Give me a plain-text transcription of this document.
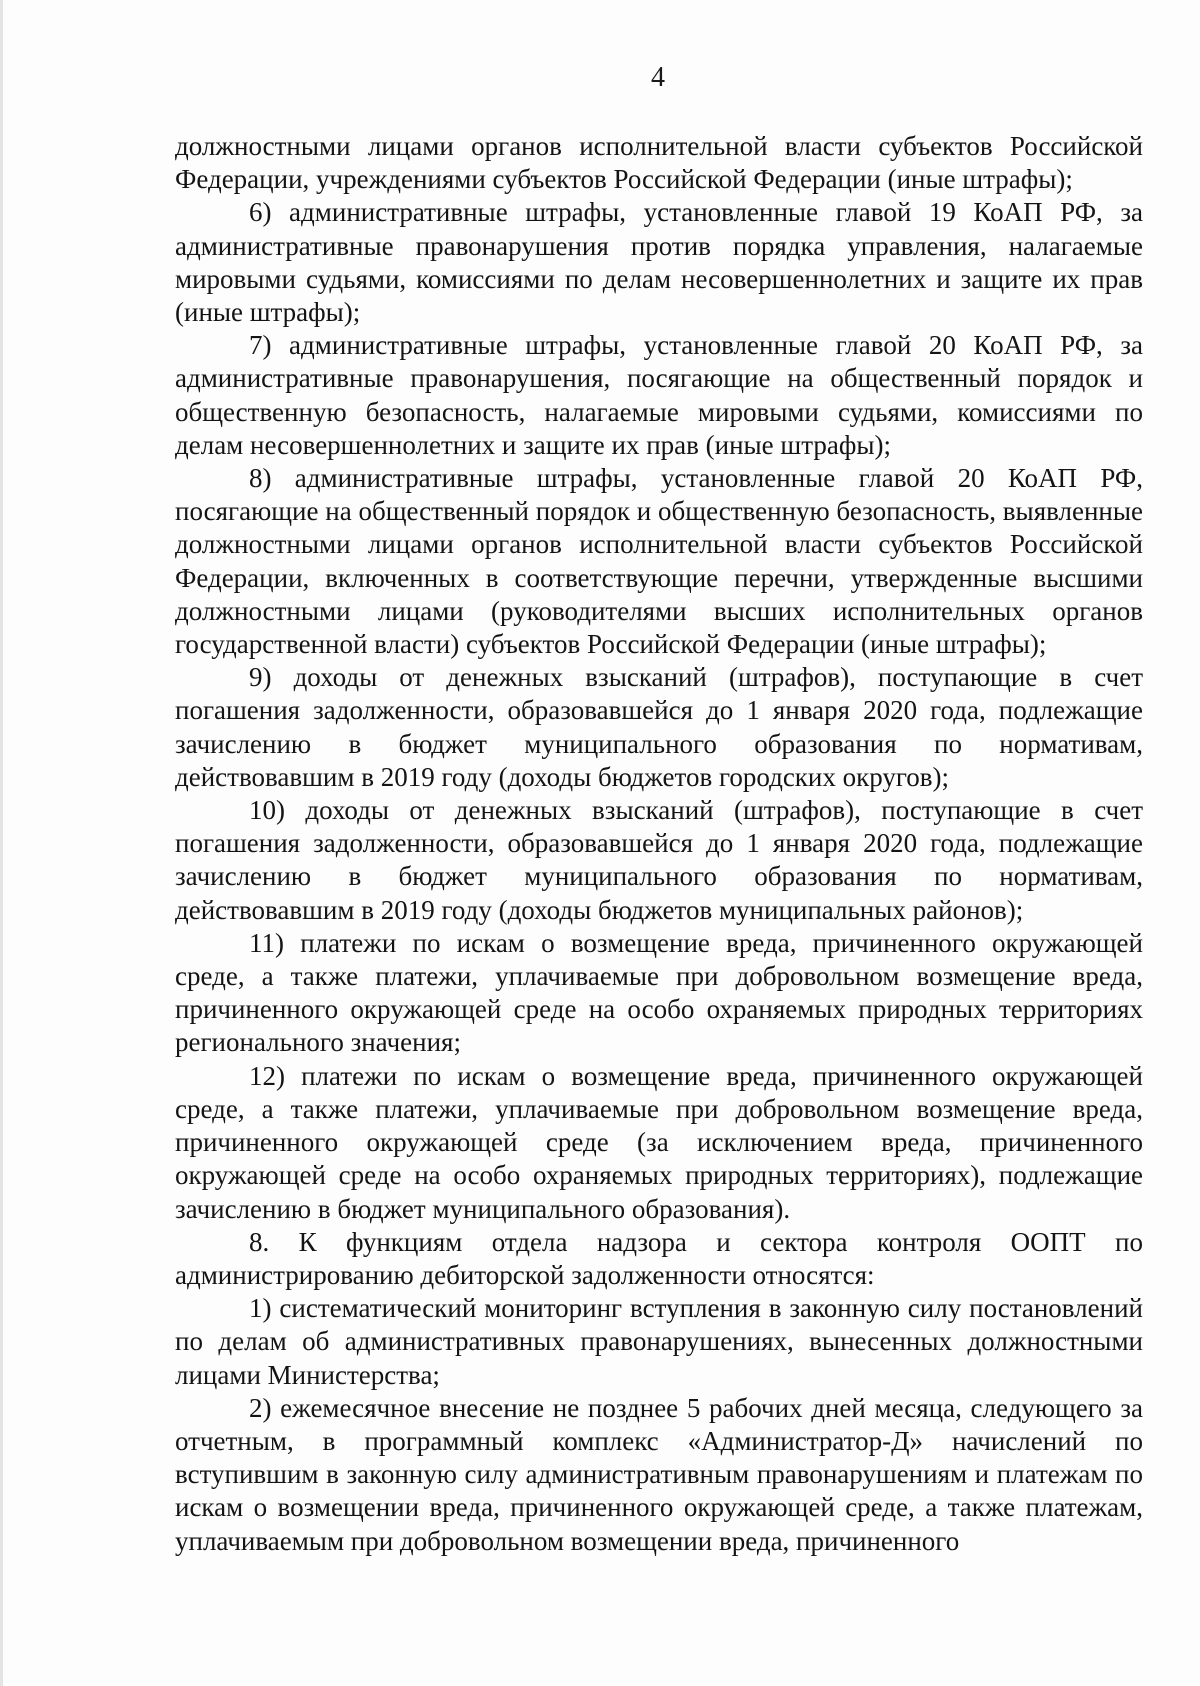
4

должностными лицами органов исполнительной власти субъектов Российской Федерации, учреждениями субъектов Российской Федерации (иные штрафы);

6) административные штрафы, установленные главой 19 КоАП РФ, за административные правонарушения против порядка управления, налагаемые мировыми судьями, комиссиями по делам несовершеннолетних и защите их прав (иные штрафы);

7) административные штрафы, установленные главой 20 КоАП РФ, за административные правонарушения, посягающие на общественный порядок и общественную безопасность, налагаемые мировыми судьями, комиссиями по делам несовершеннолетних и защите их прав (иные штрафы);

8) административные штрафы, установленные главой 20 КоАП РФ, посягающие на общественный порядок и общественную безопасность, выявленные должностными лицами органов исполнительной власти субъектов Российской Федерации, включенных в соответствующие перечни, утвержденные высшими должностными лицами (руководителями высших исполнительных органов государственной власти) субъектов Российской Федерации (иные штрафы);

9) доходы от денежных взысканий (штрафов), поступающие в счет погашения задолженности, образовавшейся до 1 января 2020 года, подлежащие зачислению в бюджет муниципального образования по нормативам, действовавшим в 2019 году (доходы бюджетов городских округов);

10) доходы от денежных взысканий (штрафов), поступающие в счет погашения задолженности, образовавшейся до 1 января 2020 года, подлежащие зачислению в бюджет муниципального образования по нормативам, действовавшим в 2019 году (доходы бюджетов муниципальных районов);

11) платежи по искам о возмещение вреда, причиненного окружающей среде, а также платежи, уплачиваемые при добровольном возмещение вреда, причиненного окружающей среде на особо охраняемых природных территориях регионального значения;

12) платежи по искам о возмещение вреда, причиненного окружающей среде, а также платежи, уплачиваемые при добровольном возмещение вреда, причиненного окружающей среде (за исключением вреда, причиненного окружающей среде на особо охраняемых природных территориях), подлежащие зачислению в бюджет муниципального образования).

8. К функциям отдела надзора и сектора контроля ООПТ по администрированию дебиторской задолженности относятся:

1) систематический мониторинг вступления в законную силу постановлений по делам об административных правонарушениях, вынесенных должностными лицами Министерства;

2) ежемесячное внесение не позднее 5 рабочих дней месяца, следующего за отчетным, в программный комплекс «Администратор-Д» начислений по вступившим в законную силу административным правонарушениям и платежам по искам о возмещении вреда, причиненного окружающей среде, а также платежам, уплачиваемым при добровольном возмещении вреда, причиненного
